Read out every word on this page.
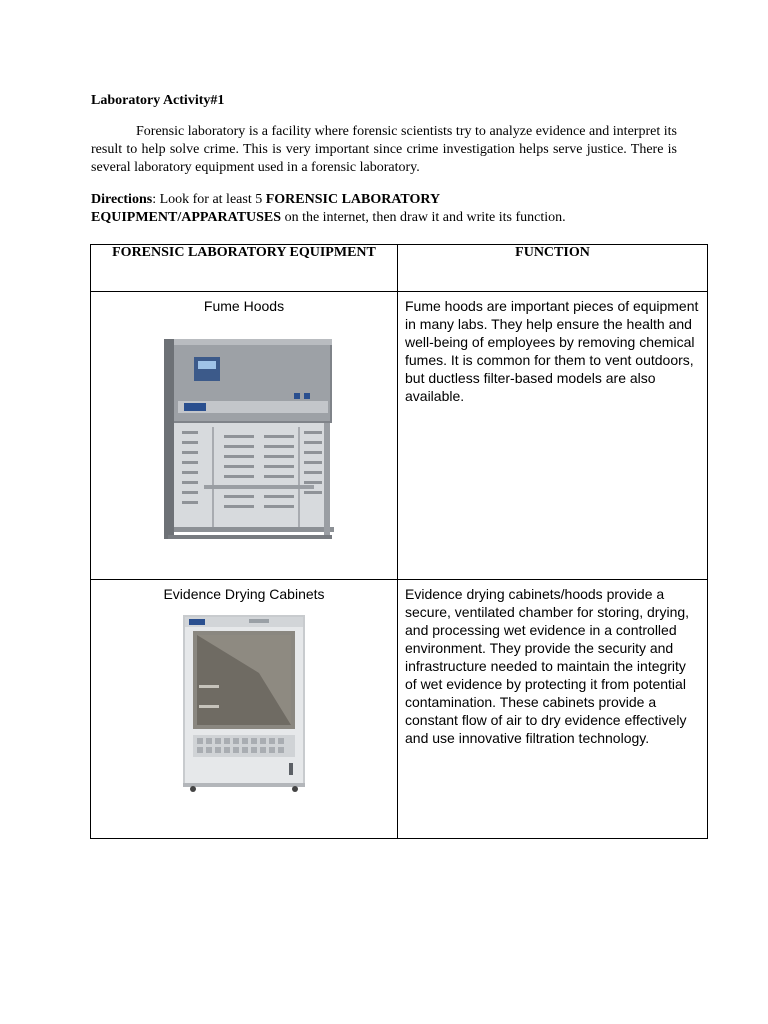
Laboratory Activity#1

Forensic laboratory is a facility where forensic scientists try to analyze evidence and interpret its result to help solve crime. This is very important since crime investigation helps serve justice. There is several laboratory equipment used in a forensic laboratory.

Directions: Look for at least 5 FORENSIC LABORATORY EQUIPMENT/APPARATUSES on the internet, then draw it and write its function.

FORENSIC LABORATORY EQUIPMENT	FUNCTION

Fume Hoods	Fume hoods are important pieces of equipment in many labs. They help ensure the health and well-being of employees by removing chemical fumes. It is common for them to vent outdoors, but ductless filter-based models are also available.

Evidence Drying Cabinets	Evidence drying cabinets/hoods provide a secure, ventilated chamber for storing, drying, and processing wet evidence in a controlled environment. They provide the security and infrastructure needed to maintain the integrity of wet evidence by protecting it from potential contamination. These cabinets provide a constant flow of air to dry evidence effectively and use innovative filtration technology.
